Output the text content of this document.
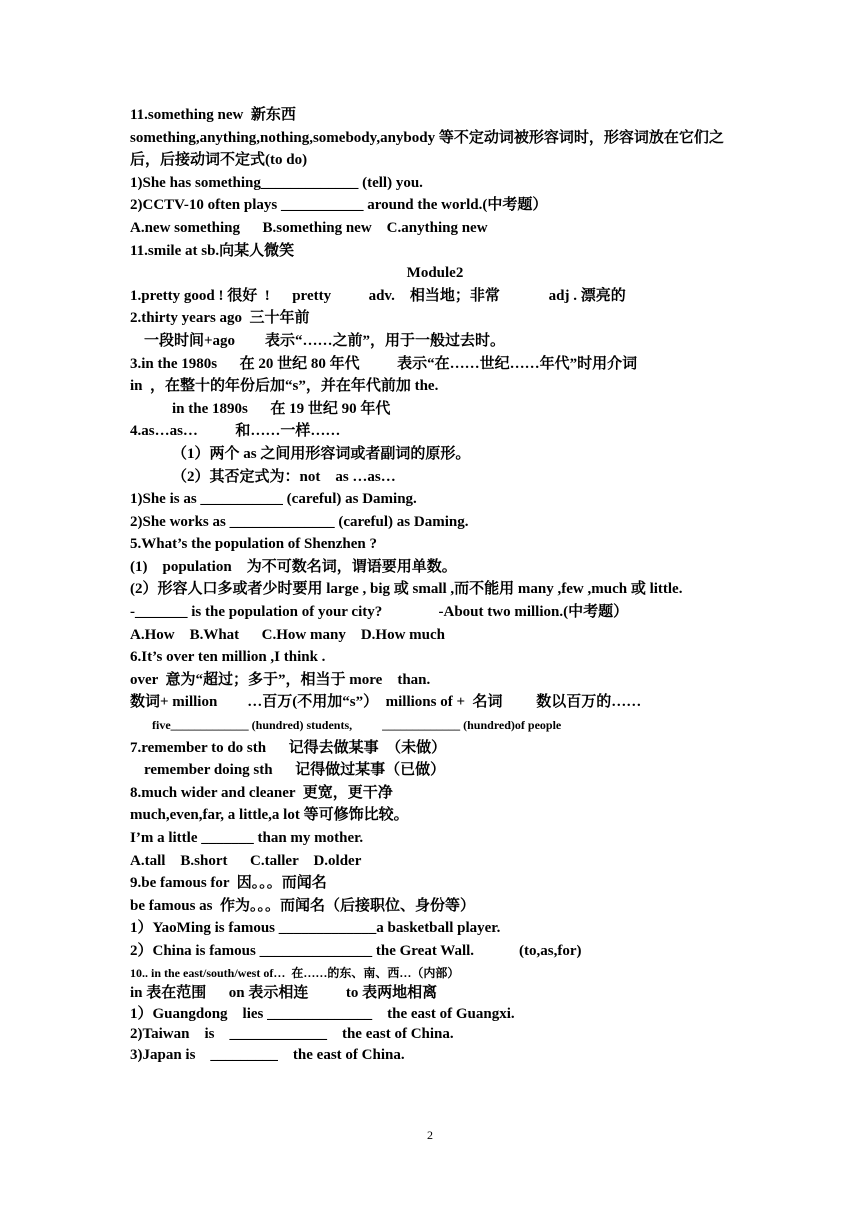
11.something new  新东西
something,anything,nothing,somebody,anybody 等不定动词被形容词时，形容词放在它们之后，后接动词不定式(to do)
1)She has something_____________ (tell) you.
2)CCTV-10 often plays ___________ around the world.(中考题）
A.new something      B.something new    C.anything new
11.smile at sb.向某人微笑
Module2
1.pretty good ! 很好  !      pretty          adv.    相当地；非常             adj . 漂亮的
2.thirty years ago  三十年前
一段时间+ago        表示“……之前”，用于一般过去时。
3.in the 1980s      在 20 世纪 80 年代          表示“在……世纪……年代”时用介词
in  ，在整十的年份后加“s”，并在年代前加 the.
in the 1890s      在 19 世纪 90 年代
4.as…as…          和……一样……
（1）两个 as 之间用形容词或者副词的原形。
（2）其否定式为：not    as …as…
1)She is as ___________ (careful) as Daming.
2)She works as ______________ (careful) as Daming.
5.What’s the population of Shenzhen ?
(1)    population    为不可数名词，谓语要用单数。
(2）形容人口多或者少时要用 large , big 或 small ,而不能用 many ,few ,much 或 little.
-_______ is the population of your city?               -About two million.(中考题）
A.How    B.What      C.How many    D.How much
6.It’s over ten million ,I think .
over  意为“超过；多于”，相当于 more    than.
数词+ million        …百万(不用加“s”）  millions of +  名词         数以百万的……
five_____________ (hundred) students,          _____________ (hundred)of people
7.remember to do sth      记得去做某事  （未做）
remember doing sth      记得做过某事（已做）
8.much wider and cleaner  更宽，更干净
much,even,far, a little,a lot 等可修饰比较。
I’m a little _______ than my mother.
A.tall    B.short      C.taller    D.older
9.be famous for  因。。。而闻名
be famous as  作为。。。而闻名（后接职位、身份等）
1）YaoMing is famous _____________a basketball player.
2）China is famous _______________ the Great Wall.            (to,as,for)
10.. in the east/south/west of…  在……的东、南、西…（内部）
in 表在范围      on 表示相连          to 表两地相离
1）Guangdong    lies ______________    the east of Guangxi.
2)Taiwan    is    _____________    the east of China.
3)Japan is    _________    the east of China.
2
